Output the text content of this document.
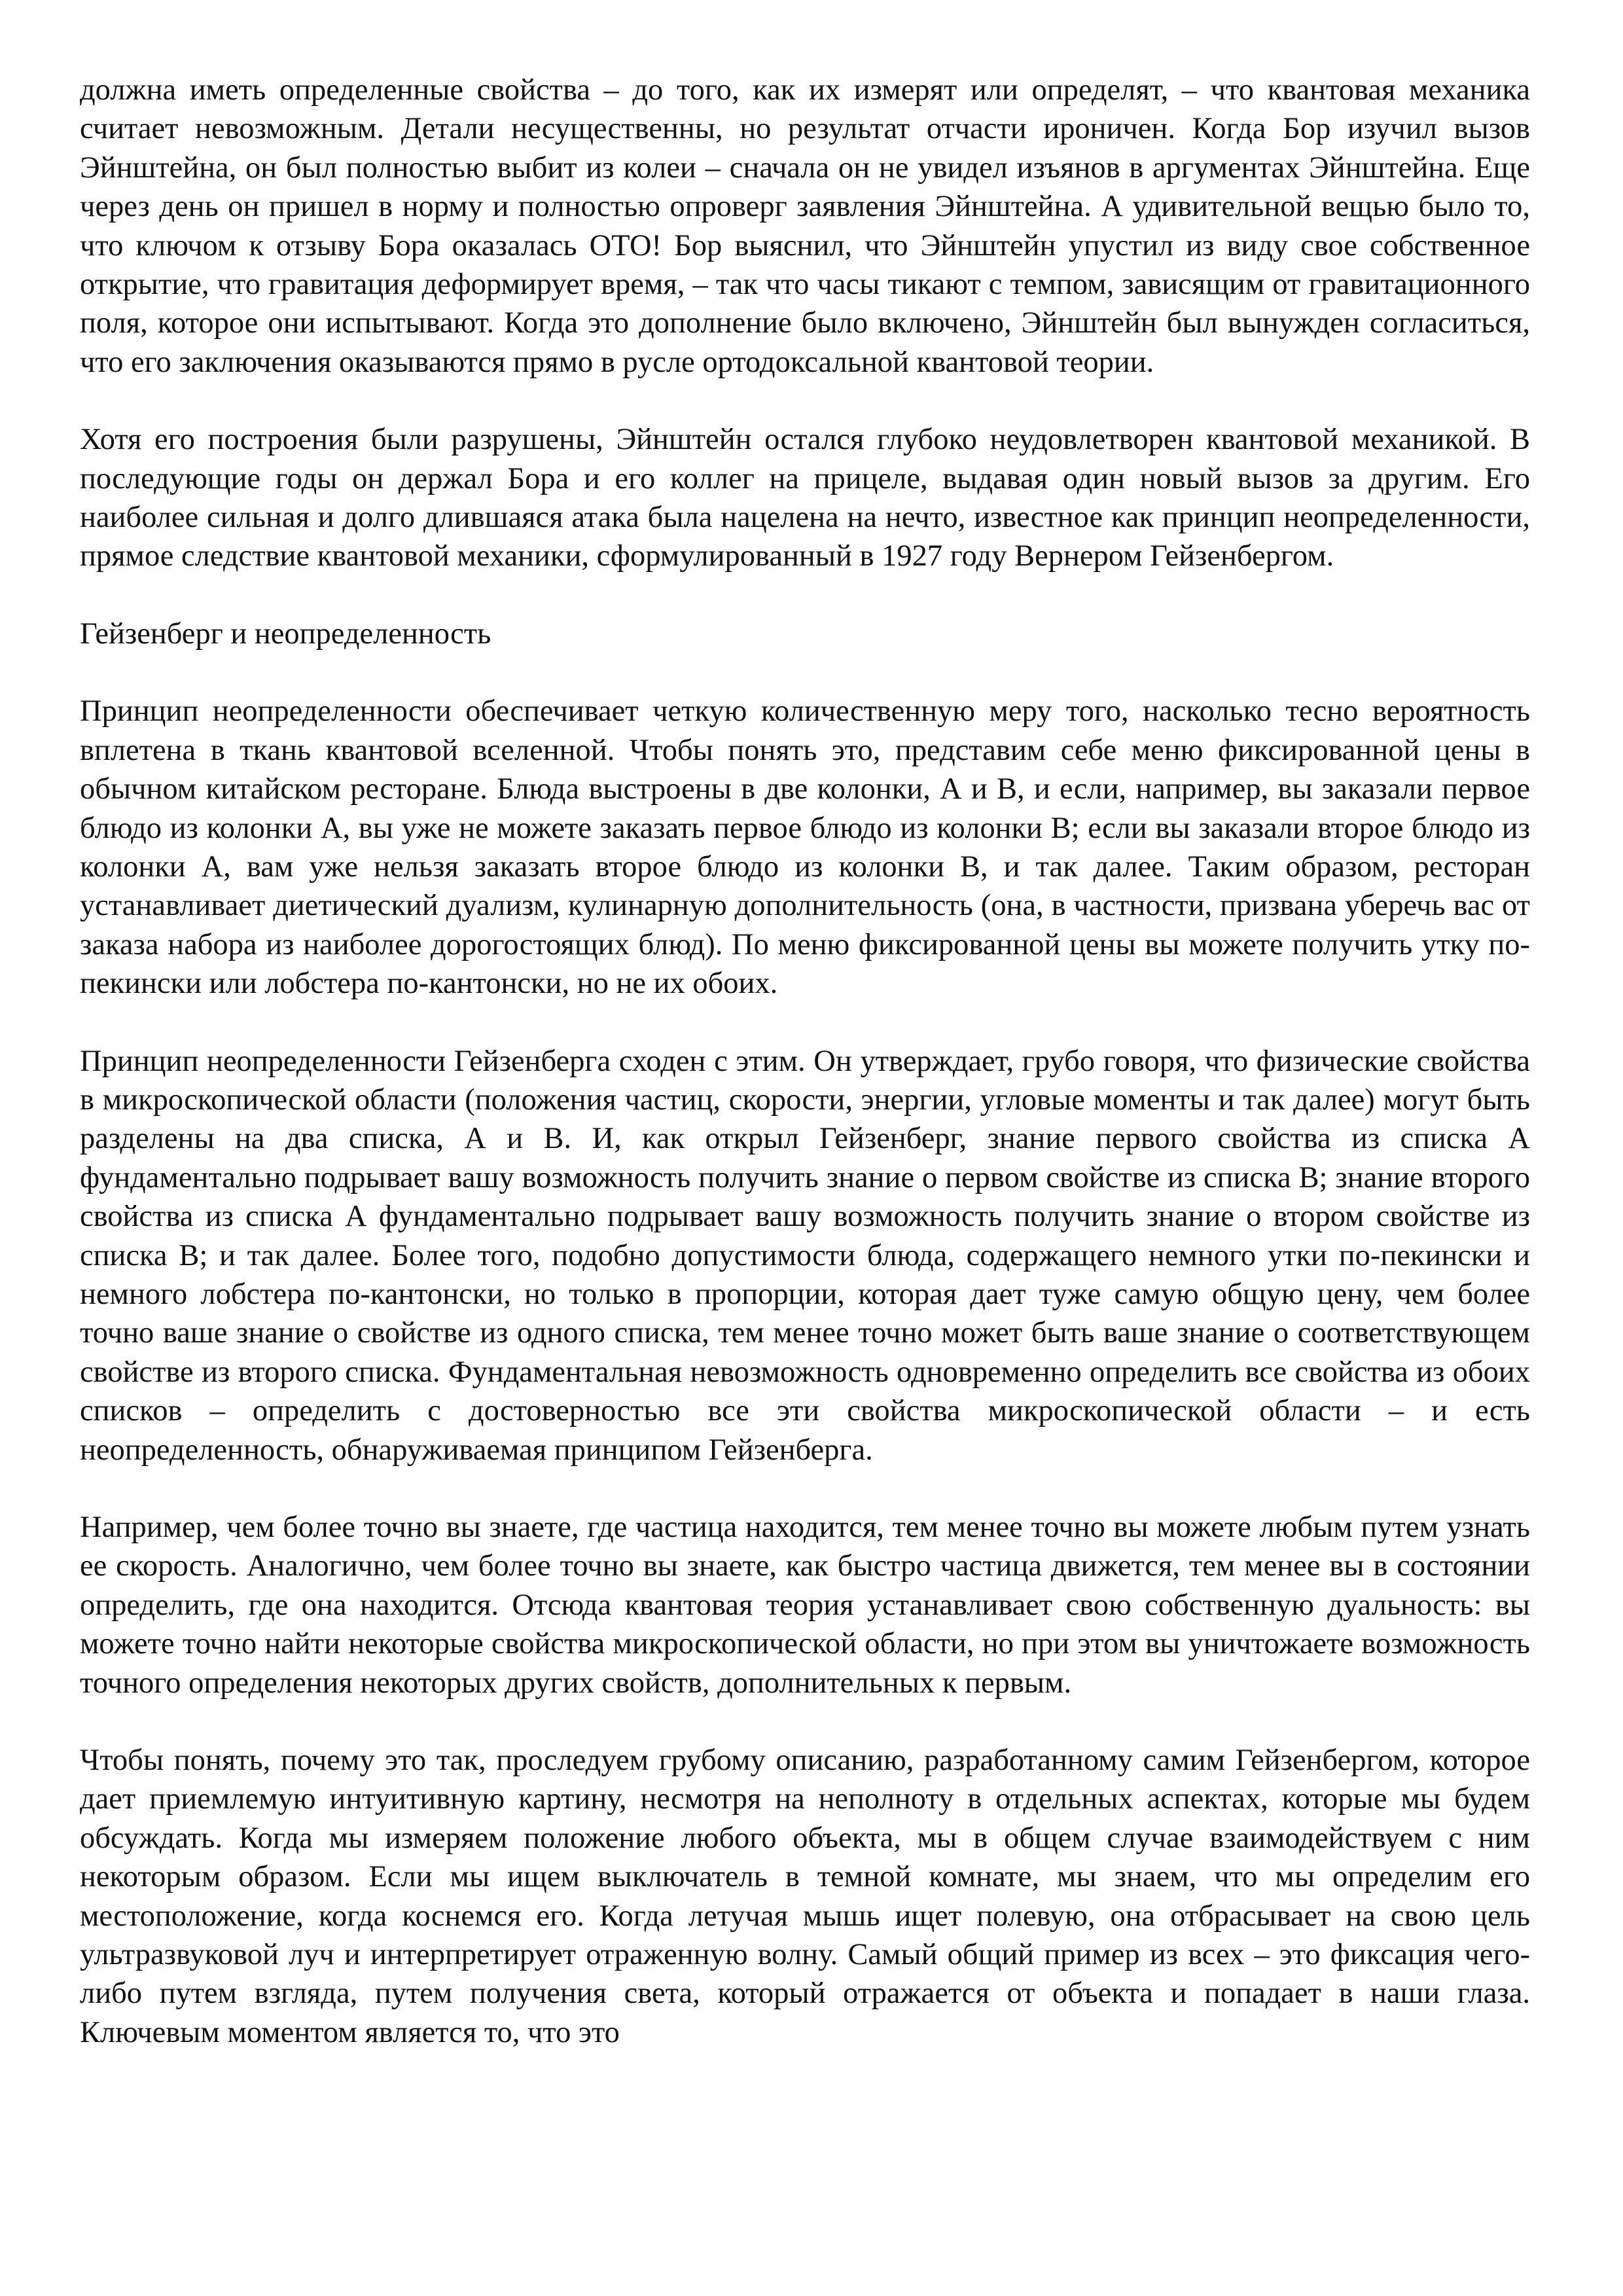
должна иметь определенные свойства – до того, как их измерят или определят, – что квантовая механика считает невозможным. Детали несущественны, но результат отчасти ироничен. Когда Бор изучил вызов Эйнштейна, он был полностью выбит из колеи – сначала он не увидел изъянов в аргументах Эйнштейна. Еще через день он пришел в норму и полностью опроверг заявления Эйнштейна. А удивительной вещью было то, что ключом к отзыву Бора оказалась ОТО! Бор выяснил, что Эйнштейн упустил из виду свое собственное открытие, что гравитация деформирует время, – так что часы тикают с темпом, зависящим от гравитационного поля, которое они испытывают. Когда это дополнение было включено, Эйнштейн был вынужден согласиться, что его заключения оказываются прямо в русле ортодоксальной квантовой теории.

Хотя его построения были разрушены, Эйнштейн остался глубоко неудовлетворен квантовой механикой. В последующие годы он держал Бора и его коллег на прицеле, выдавая один новый вызов за другим. Его наиболее сильная и долго длившаяся атака была нацелена на нечто, известное как принцип неопределенности, прямое следствие квантовой механики, сформулированный в 1927 году Вернером Гейзенбергом.

Гейзенберг и неопределенность

Принцип неопределенности обеспечивает четкую количественную меру того, насколько тесно вероятность вплетена в ткань квантовой вселенной. Чтобы понять это, представим себе меню фиксированной цены в обычном китайском ресторане. Блюда выстроены в две колонки, А и В, и если, например, вы заказали первое блюдо из колонки А, вы уже не можете заказать первое блюдо из колонки В; если вы заказали второе блюдо из колонки А, вам уже нельзя заказать второе блюдо из колонки В, и так далее. Таким образом, ресторан устанавливает диетический дуализм, кулинарную дополнительность (она, в частности, призвана уберечь вас от заказа набора из наиболее дорогостоящих блюд). По меню фиксированной цены вы можете получить утку по-пекински или лобстера по-кантонски, но не их обоих.

Принцип неопределенности Гейзенберга сходен с этим. Он утверждает, грубо говоря, что физические свойства в микроскопической области (положения частиц, скорости, энергии, угловые моменты и так далее) могут быть разделены на два списка, А и В. И, как открыл Гейзенберг, знание первого свойства из списка А фундаментально подрывает вашу возможность получить знание о первом свойстве из списка В; знание второго свойства из списка А фундаментально подрывает вашу возможность получить знание о втором свойстве из списка В; и так далее. Более того, подобно допустимости блюда, содержащего немного утки по-пекински и немного лобстера по-кантонски, но только в пропорции, которая дает туже самую общую цену, чем более точно ваше знание о свойстве из одного списка, тем менее точно может быть ваше знание о соответствующем свойстве из второго списка. Фундаментальная невозможность одновременно определить все свойства из обоих списков – определить с достоверностью все эти свойства микроскопической области – и есть неопределенность, обнаруживаемая принципом Гейзенберга.

Например, чем более точно вы знаете, где частица находится, тем менее точно вы можете любым путем узнать ее скорость. Аналогично, чем более точно вы знаете, как быстро частица движется, тем менее вы в состоянии определить, где она находится. Отсюда квантовая теория устанавливает свою собственную дуальность: вы можете точно найти некоторые свойства микроскопической области, но при этом вы уничтожаете возможность точного определения некоторых других свойств, дополнительных к первым.

Чтобы понять, почему это так, проследуем грубому описанию, разработанному самим Гейзенбергом, которое дает приемлемую интуитивную картину, несмотря на неполноту в отдельных аспектах, которые мы будем обсуждать. Когда мы измеряем положение любого объекта, мы в общем случае взаимодействуем с ним некоторым образом. Если мы ищем выключатель в темной комнате, мы знаем, что мы определим его местоположение, когда коснемся его. Когда летучая мышь ищет полевую, она отбрасывает на свою цель ультразвуковой луч и интерпретирует отраженную волну. Самый общий пример из всех – это фиксация чего-либо путем взгляда, путем получения света, который отражается от объекта и попадает в наши глаза. Ключевым моментом является то, что это
